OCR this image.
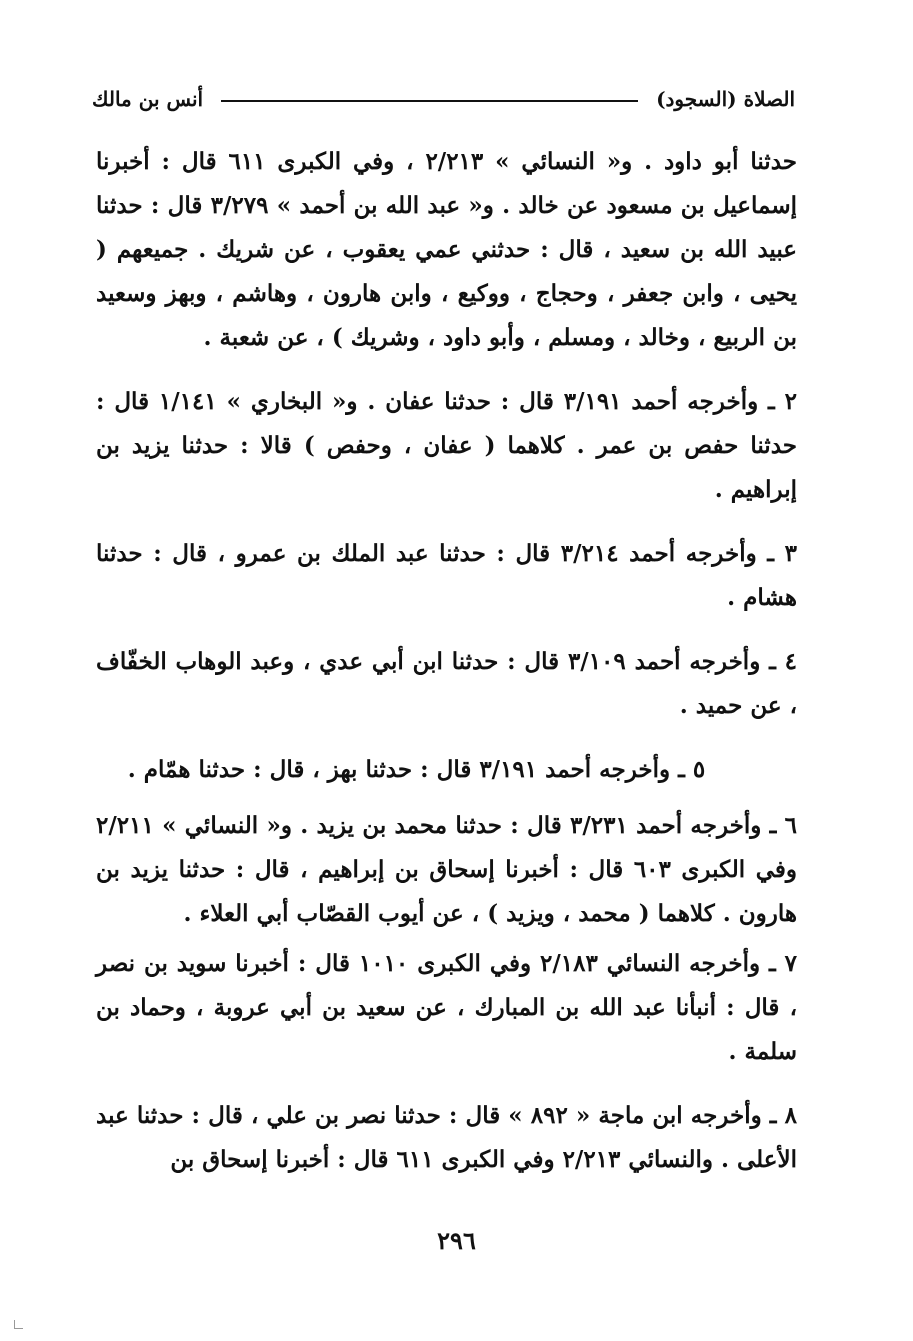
الصلاة (السجود)
أنس بن مالك

حدثنا أبو داود . و« النسائي » ٢/٢١٣ ، وفي الكبرى ٦١١ قال : أخبرنا إسماعيل بن مسعود عن خالد . و« عبد الله بن أحمد » ٣/٢٧٩ قال : حدثنا عبيد الله بن سعيد ، قال : حدثني عمي يعقوب ، عن شريك . جميعهم ( يحيى ، وابن جعفر ، وحجاج ، ووكيع ، وابن هارون ، وهاشم ، وبهز وسعيد بن الربيع ، وخالد ، ومسلم ، وأبو داود ، وشريك ) ، عن شعبة .

٢ ـ وأخرجه أحمد ٣/١٩١ قال : حدثنا عفان . و« البخاري » ١/١٤١ قال : حدثنا حفص بن عمر . كلاهما ( عفان ، وحفص ) قالا : حدثنا يزيد بن إبراهيم .

٣ ـ وأخرجه أحمد ٣/٢١٤ قال : حدثنا عبد الملك بن عمرو ، قال : حدثنا هشام .

٤ ـ وأخرجه أحمد ٣/١٠٩ قال : حدثنا ابن أبي عدي ، وعبد الوهاب الخفّاف ، عن حميد .

٥ ـ وأخرجه أحمد ٣/١٩١ قال : حدثنا بهز ، قال : حدثنا همّام .

٦ ـ وأخرجه أحمد ٣/٢٣١ قال : حدثنا محمد بن يزيد . و« النسائي » ٢/٢١١ وفي الكبرى ٦٠٣ قال : أخبرنا إسحاق بن إبراهيم ، قال : حدثنا يزيد بن هارون . كلاهما ( محمد ، ويزيد ) ، عن أيوب القصّاب أبي العلاء .

٧ ـ وأخرجه النسائي ٢/١٨٣ وفي الكبرى ١٠١٠ قال : أخبرنا سويد بن نصر ، قال : أنبأنا عبد الله بن المبارك ، عن سعيد بن أبي عروبة ، وحماد بن سلمة .

٨ ـ وأخرجه ابن ماجة « ٨٩٢ » قال : حدثنا نصر بن علي ، قال : حدثنا عبد الأعلى . والنسائي ٢/٢١٣ وفي الكبرى ٦١١ قال : أخبرنا إسحاق بن

٢٩٦
